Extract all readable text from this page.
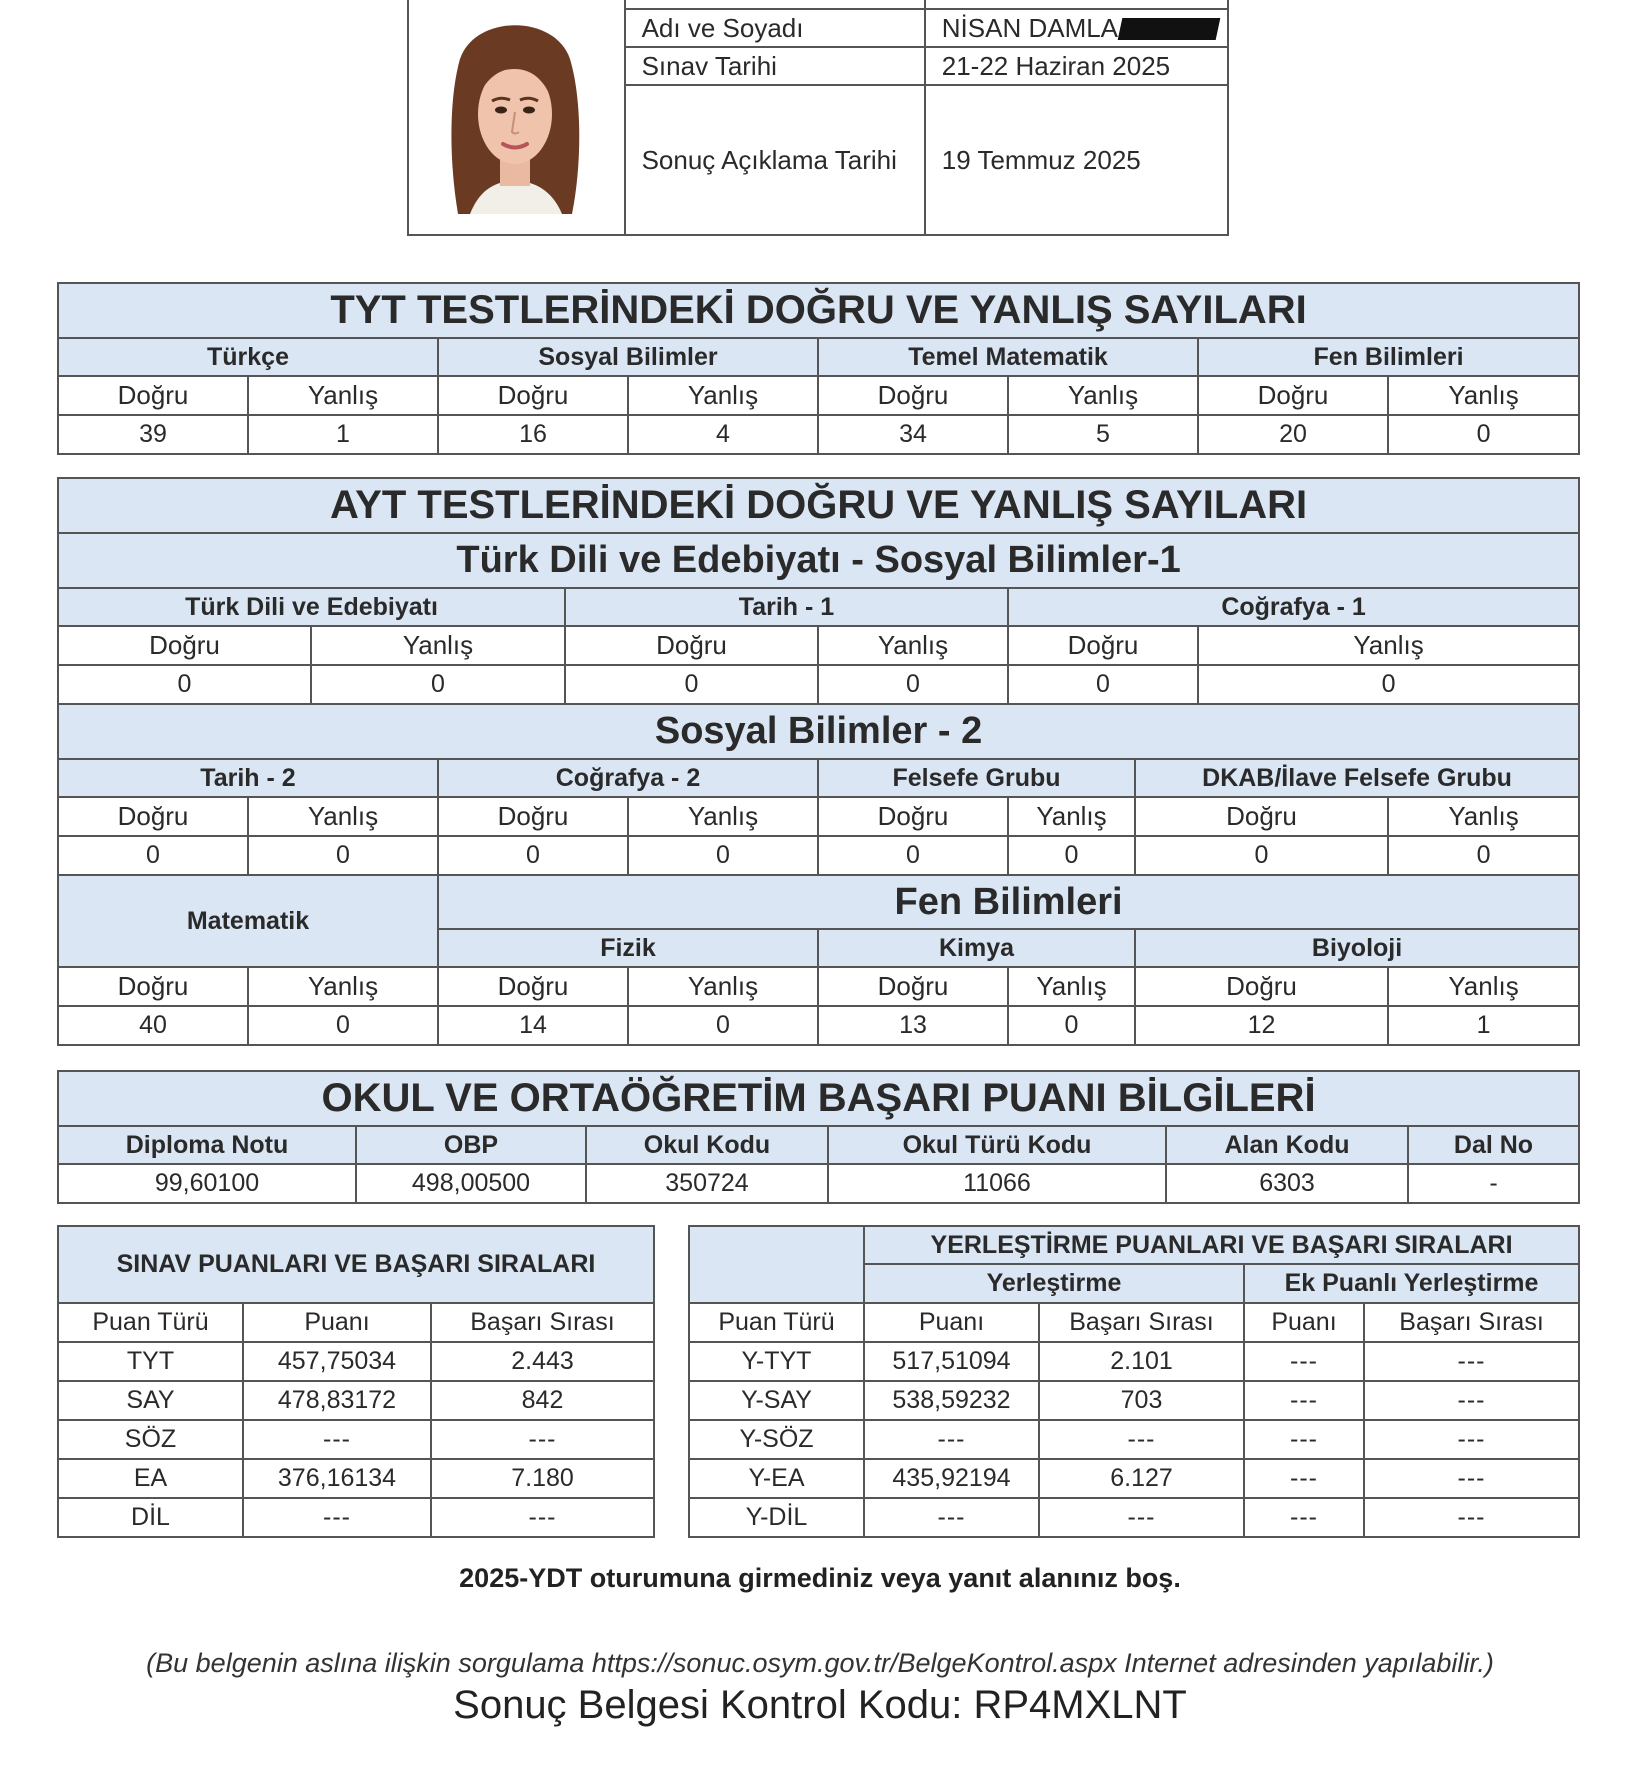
	Adı ve Soyadı	NİSAN DAMLA
	Sınav Tarihi	21-22 Haziran 2025
	Sonuç Açıklama Tarihi	19 Temmuz 2025
TYT TESTLERİNDEKİ DOĞRU VE YANLIŞ SAYILARI							
Türkçe		Sosyal Bilimler		Temel Matematik		Fen Bilimleri	
Doğru	Yanlış	Doğru	Yanlış	Doğru	Yanlış	Doğru	Yanlış
39	1	16	4	34	5	20	0
AYT TESTLERİNDEKİ DOĞRU VE YANLIŞ SAYILARI										
Türk Dili ve Edebiyatı - Sosyal Bilimler-1										
Türk Dili ve Edebiyatı				Tarih - 1			Coğrafya - 1			
Doğru		Yanlış		Doğru		Yanlış	Doğru		Yanlış	
0		0		0		0	0		0	
Sosyal Bilimler - 2										
Tarih - 2			Coğrafya - 2			Felsefe Grubu		DKAB/İlave Felsefe Grubu		
Doğru	Yanlış		Doğru		Yanlış	Doğru	Yanlış	Doğru		Yanlış
0	0		0		0	0	0	0		0
Matematik			Fen Bilimleri							
			Fizik			Kimya		Biyoloji		
Doğru	Yanlış		Doğru		Yanlış	Doğru	Yanlış	Doğru		Yanlış
40	0		14		0	13	0	12		1
OKUL VE ORTAÖĞRETİM BAŞARI PUANI BİLGİLERİ					
Diploma Notu	OBP	Okul Kodu	Okul Türü Kodu	Alan Kodu	Dal No
99,60100	498,00500	350724	11066	6303	-
SINAV PUANLARI VE BAŞARI SIRALARI		

Puan Türü	Puanı	Başarı Sırası
TYT	457,75034	2.443
SAY	478,83172	842
SÖZ	---	---
EA	376,16134	7.180
DİL	---	---
	YERLEŞTİRME PUANLARI VE BAŞARI SIRALARI			
	Yerleştirme		Ek Puanlı Yerleştirme	
Puan Türü	Puanı	Başarı Sırası	Puanı	Başarı Sırası
Y-TYT	517,51094	2.101	---	---
Y-SAY	538,59232	703	---	---
Y-SÖZ	---	---	---	---
Y-EA	435,92194	6.127	---	---
Y-DİL	---	---	---	---
2025-YDT oturumuna girmediniz veya yanıt alanınız boş.
(Bu belgenin aslına ilişkin sorgulama https://sonuc.osym.gov.tr/BelgeKontrol.aspx Internet adresinden yapılabilir.)
Sonuç Belgesi Kontrol Kodu: RP4MXLNT
